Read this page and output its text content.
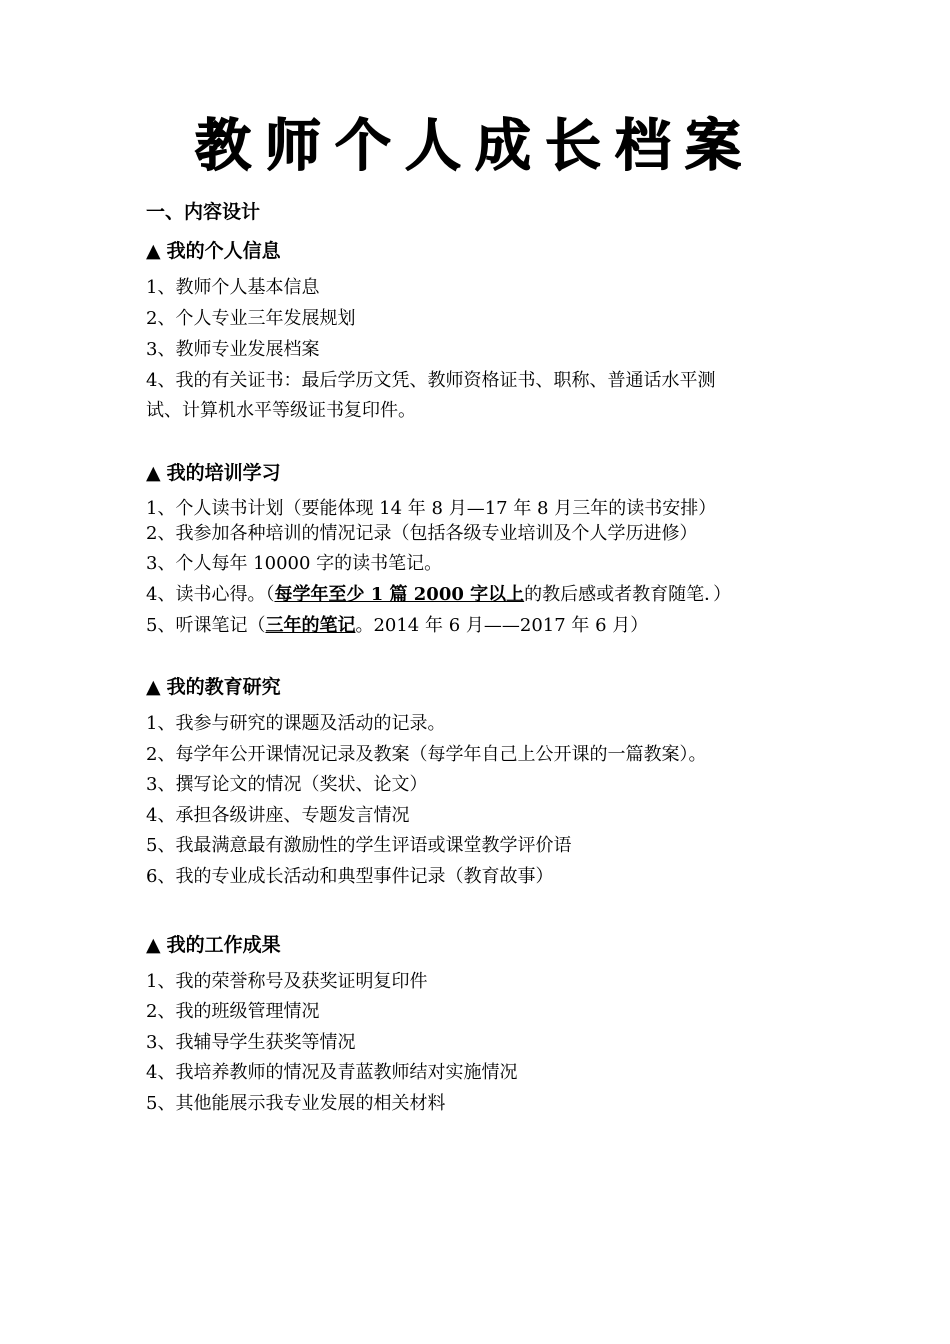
教师个人成长档案
一、内容设计
▲ 我的个人信息
1、教师个人基本信息
2、个人专业三年发展规划
3、教师专业发展档案
4、我的有关证书：最后学历文凭、教师资格证书、职称、普通话水平测
试、计算机水平等级证书复印件。
▲ 我的培训学习
1、个人读书计划（要能体现 14 年 8 月—17 年 8 月三年的读书安排）
2、我参加各种培训的情况记录（包括各级专业培训及个人学历进修）
3、个人每年 10000 字的读书笔记。
4、读书心得。（每学年至少 1 篇 2000 字以上的教后感或者教育随笔．）
5、听课笔记（三年的笔记。2014 年 6 月——2017 年 6 月）
▲ 我的教育研究
1、我参与研究的课题及活动的记录。
2、每学年公开课情况记录及教案（每学年自己上公开课的一篇教案）。
3、撰写论文的情况（奖状、论文）
4、承担各级讲座、专题发言情况
5、我最满意最有激励性的学生评语或课堂教学评价语
6、我的专业成长活动和典型事件记录（教育故事）
▲ 我的工作成果
1、我的荣誉称号及获奖证明复印件
2、我的班级管理情况
3、我辅导学生获奖等情况
4、我培养教师的情况及青蓝教师结对实施情况
5、其他能展示我专业发展的相关材料
